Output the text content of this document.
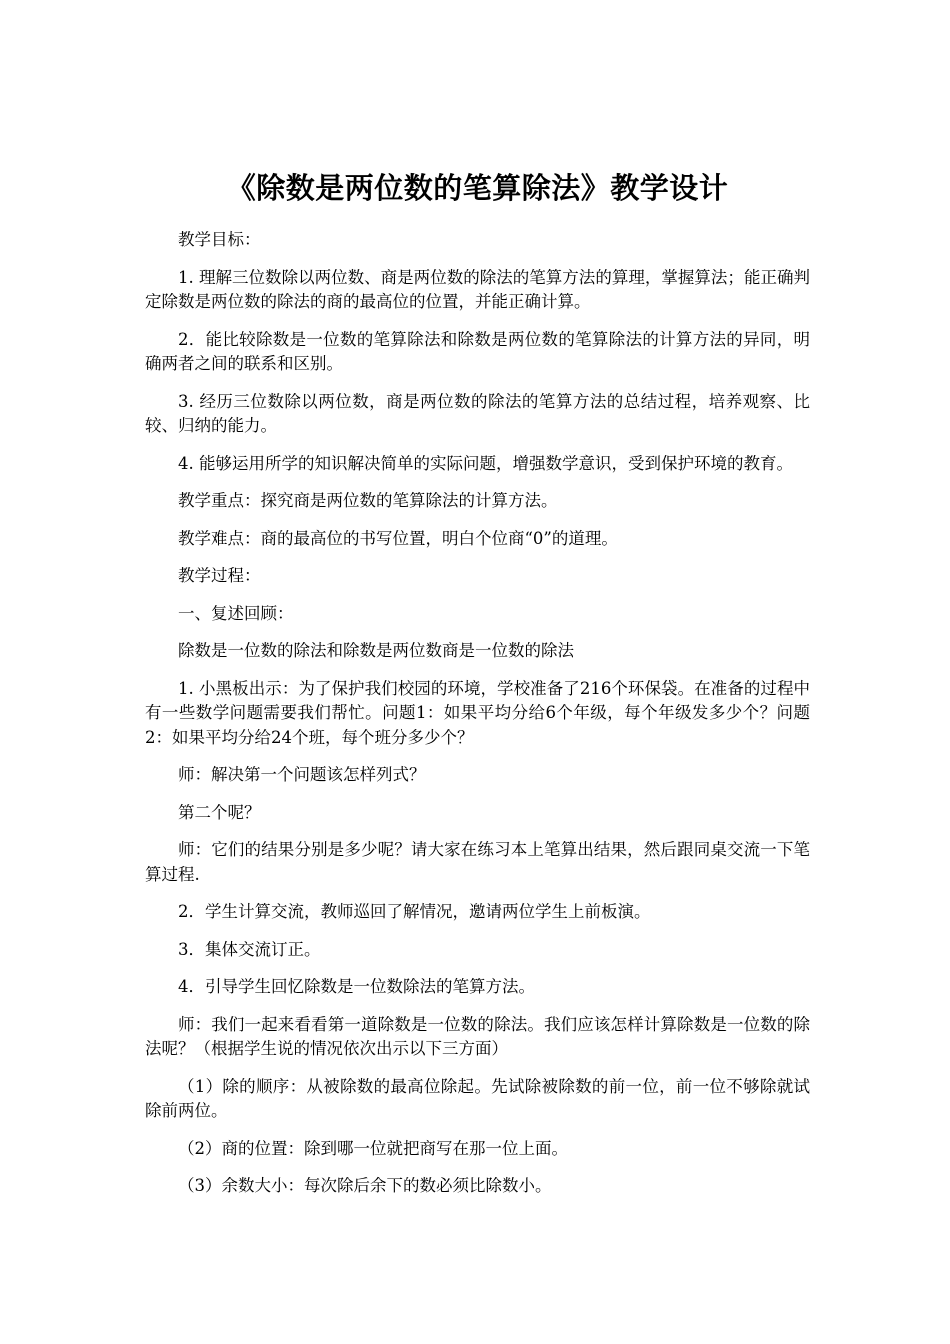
《除数是两位数的笔算除法》教学设计

教学目标：

1. 理解三位数除以两位数、商是两位数的除法的笔算方法的算理，掌握算法；能正确判定除数是两位数的除法的商的最高位的位置，并能正确计算。

2．能比较除数是一位数的笔算除法和除数是两位数的笔算除法的计算方法的异同，明确两者之间的联系和区别。

3. 经历三位数除以两位数，商是两位数的除法的笔算方法的总结过程，培养观察、比较、归纳的能力。

4. 能够运用所学的知识解决简单的实际问题，增强数学意识，受到保护环境的教育。

教学重点：探究商是两位数的笔算除法的计算方法。

教学难点：商的最高位的书写位置，明白个位商“0”的道理。

教学过程：

一、复述回顾：

除数是一位数的除法和除数是两位数商是一位数的除法

1. 小黑板出示：为了保护我们校园的环境，学校准备了216个环保袋。在准备的过程中有一些数学问题需要我们帮忙。问题1：如果平均分给6个年级，每个年级发多少个？问题2：如果平均分给24个班，每个班分多少个？

师：解决第一个问题该怎样列式？

第二个呢？

师：它们的结果分别是多少呢？请大家在练习本上笔算出结果，然后跟同桌交流一下笔算过程.

2．学生计算交流，教师巡回了解情况，邀请两位学生上前板演。

3．集体交流订正。

4．引导学生回忆除数是一位数除法的笔算方法。

师：我们一起来看看第一道除数是一位数的除法。我们应该怎样计算除数是一位数的除法呢？（根据学生说的情况依次出示以下三方面）

（1）除的顺序：从被除数的最高位除起。先试除被除数的前一位，前一位不够除就试除前两位。

（2）商的位置：除到哪一位就把商写在那一位上面。

（3）余数大小：每次除后余下的数必须比除数小。
